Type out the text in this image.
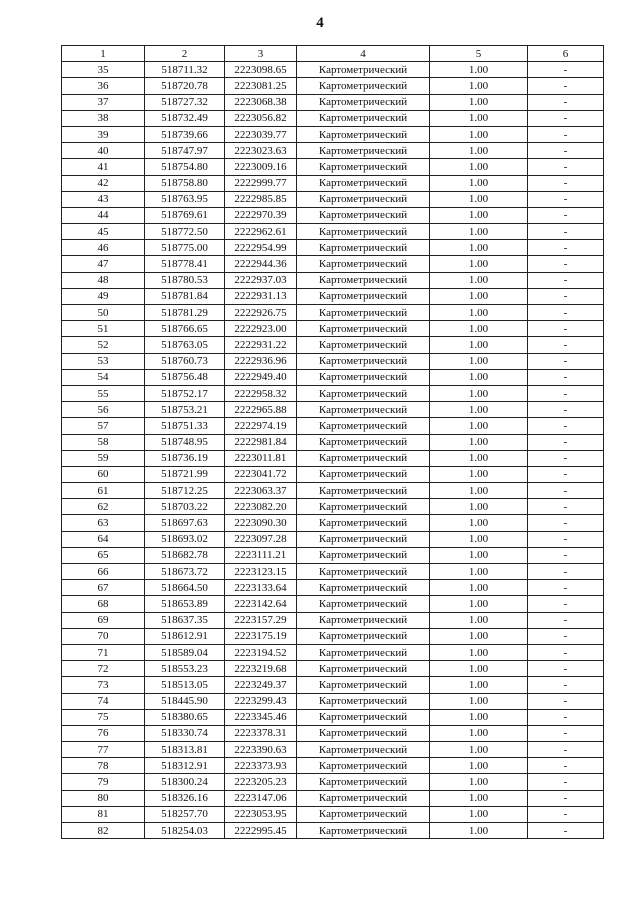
4
1	2	3	4	5	6
35	518711.32	2223098.65	Картометрический	1.00	-
36	518720.78	2223081.25	Картометрический	1.00	-
37	518727.32	2223068.38	Картометрический	1.00	-
38	518732.49	2223056.82	Картометрический	1.00	-
39	518739.66	2223039.77	Картометрический	1.00	-
40	518747.97	2223023.63	Картометрический	1.00	-
41	518754.80	2223009.16	Картометрический	1.00	-
42	518758.80	2222999.77	Картометрический	1.00	-
43	518763.95	2222985.85	Картометрический	1.00	-
44	518769.61	2222970.39	Картометрический	1.00	-
45	518772.50	2222962.61	Картометрический	1.00	-
46	518775.00	2222954.99	Картометрический	1.00	-
47	518778.41	2222944.36	Картометрический	1.00	-
48	518780.53	2222937.03	Картометрический	1.00	-
49	518781.84	2222931.13	Картометрический	1.00	-
50	518781.29	2222926.75	Картометрический	1.00	-
51	518766.65	2222923.00	Картометрический	1.00	-
52	518763.05	2222931.22	Картометрический	1.00	-
53	518760.73	2222936.96	Картометрический	1.00	-
54	518756.48	2222949.40	Картометрический	1.00	-
55	518752.17	2222958.32	Картометрический	1.00	-
56	518753.21	2222965.88	Картометрический	1.00	-
57	518751.33	2222974.19	Картометрический	1.00	-
58	518748.95	2222981.84	Картометрический	1.00	-
59	518736.19	2223011.81	Картометрический	1.00	-
60	518721.99	2223041.72	Картометрический	1.00	-
61	518712.25	2223063.37	Картометрический	1.00	-
62	518703.22	2223082.20	Картометрический	1.00	-
63	518697.63	2223090.30	Картометрический	1.00	-
64	518693.02	2223097.28	Картометрический	1.00	-
65	518682.78	2223111.21	Картометрический	1.00	-
66	518673.72	2223123.15	Картометрический	1.00	-
67	518664.50	2223133.64	Картометрический	1.00	-
68	518653.89	2223142.64	Картометрический	1.00	-
69	518637.35	2223157.29	Картометрический	1.00	-
70	518612.91	2223175.19	Картометрический	1.00	-
71	518589.04	2223194.52	Картометрический	1.00	-
72	518553.23	2223219.68	Картометрический	1.00	-
73	518513.05	2223249.37	Картометрический	1.00	-
74	518445.90	2223299.43	Картометрический	1.00	-
75	518380.65	2223345.46	Картометрический	1.00	-
76	518330.74	2223378.31	Картометрический	1.00	-
77	518313.81	2223390.63	Картометрический	1.00	-
78	518312.91	2223373.93	Картометрический	1.00	-
79	518300.24	2223205.23	Картометрический	1.00	-
80	518326.16	2223147.06	Картометрический	1.00	-
81	518257.70	2223053.95	Картометрический	1.00	-
82	518254.03	2222995.45	Картометрический	1.00	-
